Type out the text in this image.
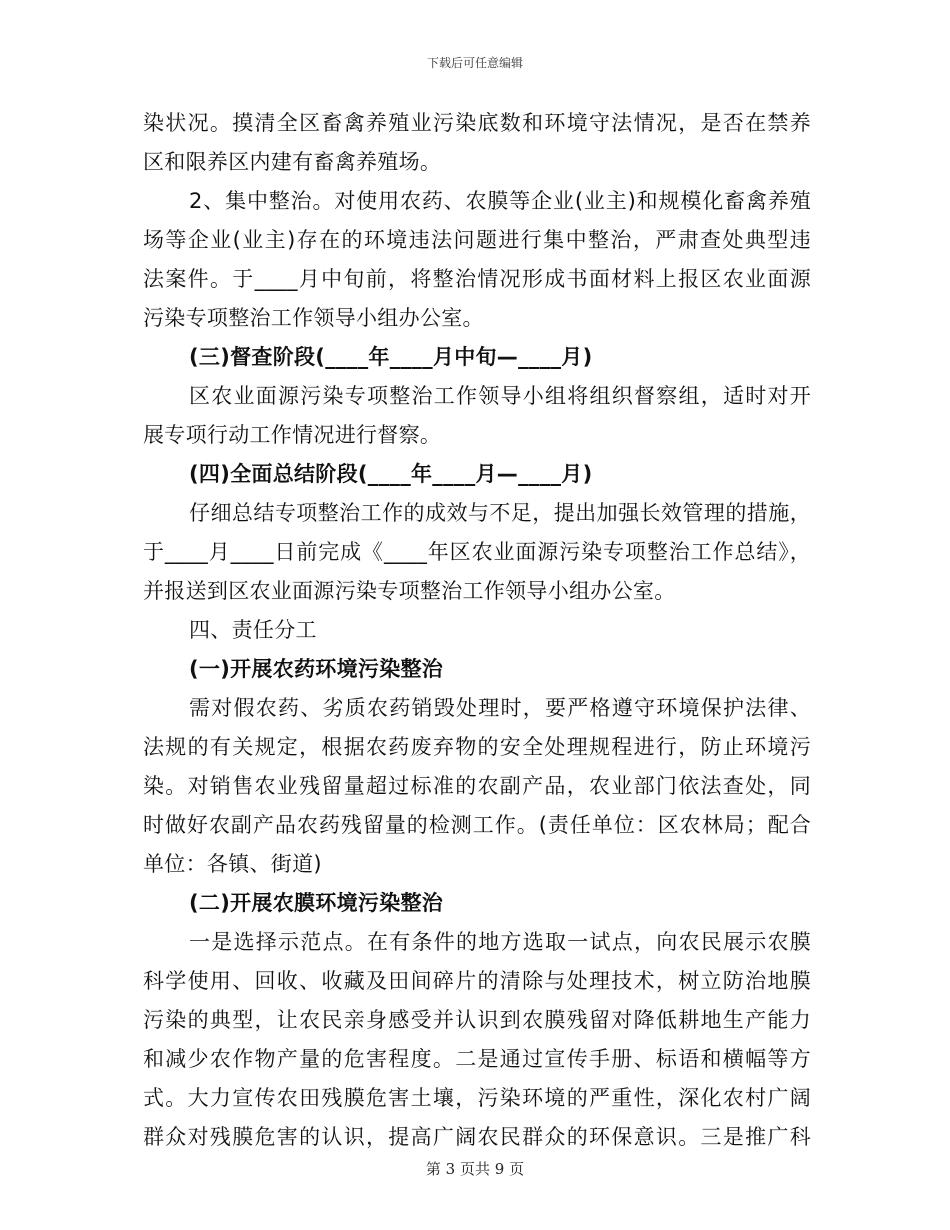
下载后可任意编辑
染状况。摸清全区畜禽养殖业污染底数和环境守法情况，是否在禁养
区和限养区内建有畜禽养殖场。
2、集中整治。对使用农药、农膜等企业(业主)和规模化畜禽养殖
场等企业(业主)存在的环境违法问题进行集中整治，严肃查处典型违
法案件。于____月中旬前，将整治情况形成书面材料上报区农业面源
污染专项整治工作领导小组办公室。
(三)督查阶段(____年____月中旬—____月)
区农业面源污染专项整治工作领导小组将组织督察组，适时对开
展专项行动工作情况进行督察。
(四)全面总结阶段(____年____月—____月)
仔细总结专项整治工作的成效与不足，提出加强长效管理的措施，
于____月____日前完成《____年区农业面源污染专项整治工作总结》，
并报送到区农业面源污染专项整治工作领导小组办公室。
四、责任分工
(一)开展农药环境污染整治
需对假农药、劣质农药销毁处理时，要严格遵守环境保护法律、
法规的有关规定，根据农药废弃物的安全处理规程进行，防止环境污
染。对销售农业残留量超过标准的农副产品，农业部门依法查处，同
时做好农副产品农药残留量的检测工作。(责任单位：区农林局；配合
单位：各镇、街道)
(二)开展农膜环境污染整治
一是选择示范点。在有条件的地方选取一试点，向农民展示农膜
科学使用、回收、收藏及田间碎片的清除与处理技术，树立防治地膜
污染的典型，让农民亲身感受并认识到农膜残留对降低耕地生产能力
和减少农作物产量的危害程度。二是通过宣传手册、标语和横幅等方
式。大力宣传农田残膜危害土壤，污染环境的严重性，深化农村广阔
群众对残膜危害的认识，提高广阔农民群众的环保意识。三是推广科
第 3 页共 9 页
